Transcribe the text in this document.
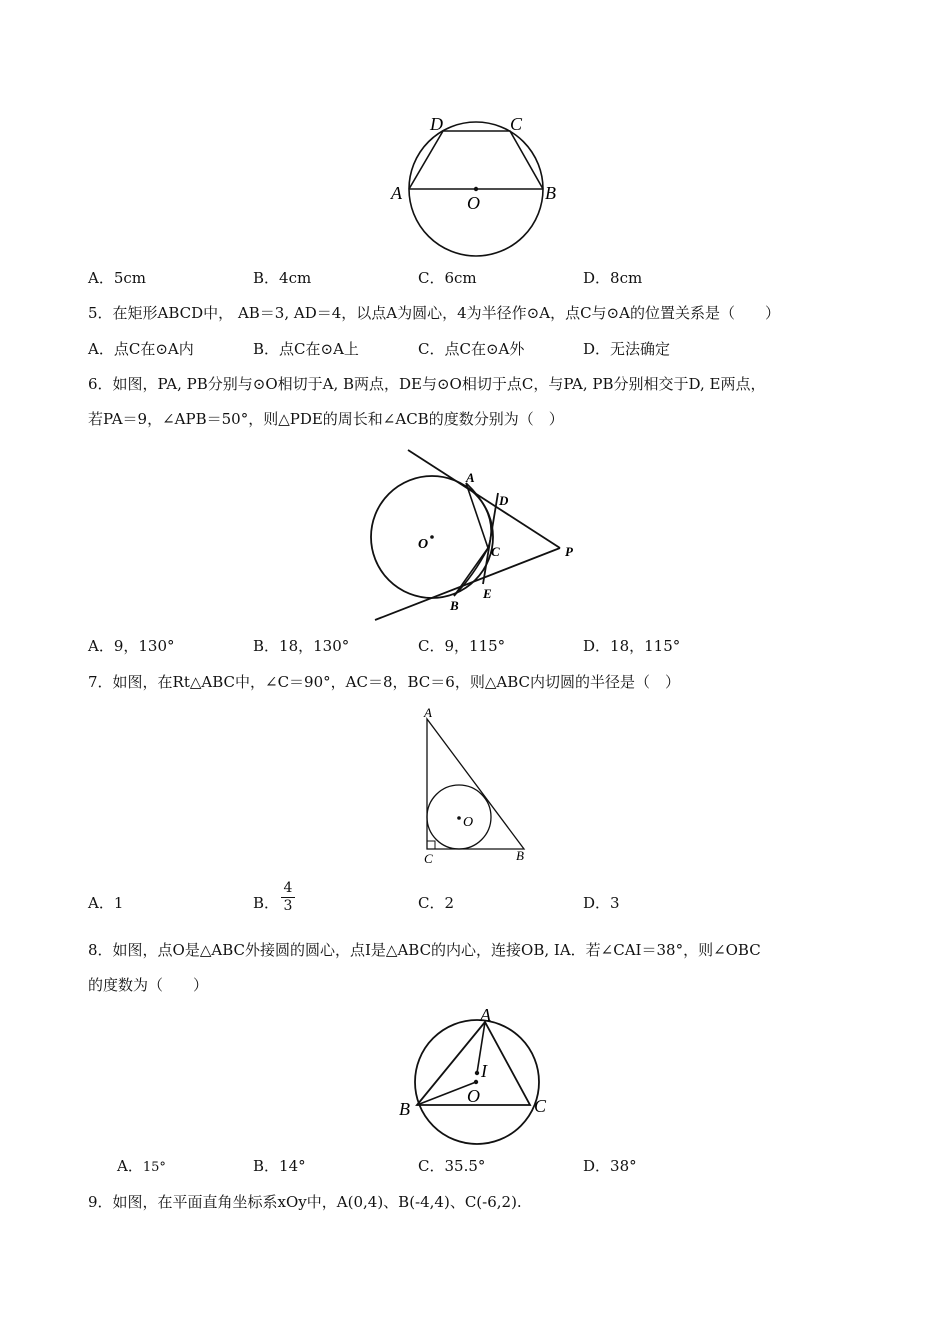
D	C
A	B
O
A．5cm	B．4cm	C．6cm	D．8cm
5．在矩形ABCD中， AB＝3, AD＝4，以点A为圆心，4为半径作⊙A，点C与⊙A的位置关系是（　　）
A．点C在⊙A内	B．点C在⊙A上	C．点C在⊙A外	D．无法确定
6．如图，PA, PB分别与⊙O相切于A, B两点，DE与⊙O相切于点C，与PA, PB分别相交于D, E两点，
若PA＝9，∠APB＝50°，则△PDE的周长和∠ACB的度数分别为（　）
A
D
O	C	P
B
E
A．9，130°	B．18，130°	C．9，115°	D．18，115°
7．如图，在Rt△ABC中，∠C＝90°，AC＝8，BC＝6，则△ABC内切圆的半径是（　）
A
O
C	B
A．1	B． $\frac{4}{3}$	C．2	D．3
8．如图，点O是△ABC外接圆的圆心，点I是△ABC的内心，连接OB, IA．若∠CAI＝38°，则∠OBC
的度数为（　　）
A
I
B
O	C
A．15°	B．14°	C．35.5°	D．38°
9．如图，在平面直角坐标系xOy中，A(0,4)、B(-4,4)、C(-6,2).
